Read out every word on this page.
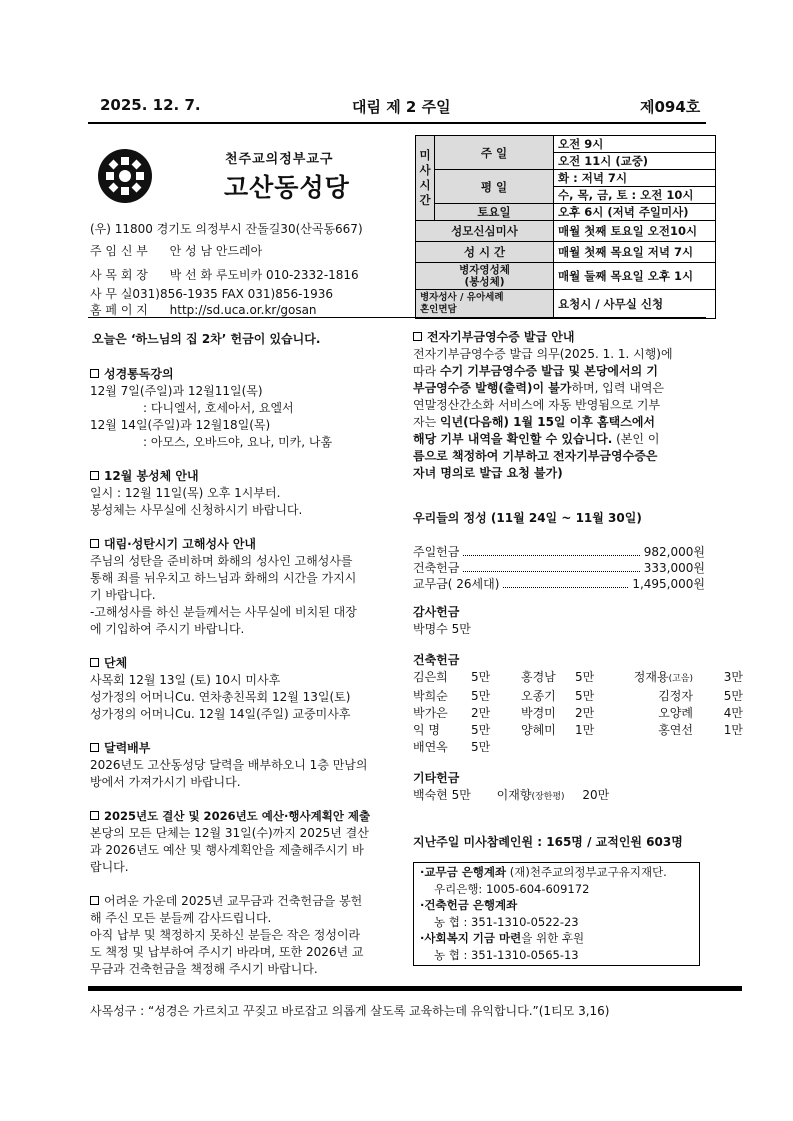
2025. 12. 7.	대림 제 2 주일	제094호
천주교의정부교구
고산동성당
(우) 11800 경기도 의정부시 잔돌길30(산곡동667)
주 임 신 부 안 성 남 안드레아
사 목 회 장 박 선 화 루도비카 010-2332-1816
사 무 실031)856-1935 FAX 031)856-1936
홈 페 이 지 http://sd.uca.or.kr/gosan
미
사
시
간	주 일	오전 9시
		오전 11시 (교중)
	평 일	화 : 저녁 7시
		수, 목, 금, 토 : 오전 10시
	토요일	오후 6시 (저녁 주일미사)
성모신심미사		매월 첫째 토요일 오전10시
성 시 간		매월 첫째 목요일 저녁 7시
병자영성체
(봉성체)		매월 둘째 목요일 오후 1시
병자성사 / 유아세례
혼인면담		요청시 / 사무실 신청

오늘은 ‘하느님의 집 2차’ 헌금이 있습니다.

성경통독강의

12월 7일(주일)과 12월11일(목)

: 다니엘서, 호세아서, 요엘서

12월 14일(주일)과 12월18일(목)

: 아모스, 오바드야, 요나, 미카, 나훔

12월 봉성체 안내

일시 : 12월 11일(목) 오후 1시부터.

봉성체는 사무실에 신청하시기 바랍니다.

대림·성탄시기 고해성사 안내

주님의 성탄을 준비하며 화해의 성사인 고해성사를

통해 죄를 뉘우치고 하느님과 화해의 시간을 가지시

기 바랍니다.

-고해성사를 하신 분들께서는 사무실에 비치된 대장

에 기입하여 주시기 바랍니다.

단체

사목회 12월 13일 (토) 10시 미사후

성가정의 어머니Cu. 연차총친목회 12월 13일(토)

성가정의 어머니Cu. 12월 14일(주일) 교중미사후

달력배부

2026년도 고산동성당 달력을 배부하오니 1층 만남의

방에서 가져가시기 바랍니다.

2025년도 결산 및 2026년도 예산·행사계획안 제출

본당의 모든 단체는 12월 31일(수)까지 2025년 결산

과 2026년도 예산 및 행사계획안을 제출해주시기 바

랍니다.

어려운 가운데 2025년 교무금과 건축헌금을 봉헌

해 주신 모든 분들께 감사드립니다.

아직 납부 및 책정하지 못하신 분들은 작은 정성이라

도 책정 및 납부하여 주시기 바라며, 또한 2026년 교

무금과 건축헌금을 책정해 주시기 바랍니다.

전자기부금영수증 발급 안내

전자기부금영수증 발급 의무(2025. 1. 1. 시행)에

따라 수기 기부금영수증 발급 및 본당에서의 기

부금영수증 발행(출력)이 불가하며, 입력 내역은

연말정산간소화 서비스에 자동 반영됨으로 기부

자는 익년(다음해) 1월 15일 이후 홈택스에서

해당 기부 내역을 확인할 수 있습니다. (본인 이

름으로 책정하여 기부하고 전자기부금영수증은

자녀 명의로 발급 요청 불가)

우리들의 정성 (11월 24일 ~ 11월 30일)

주일헌금	982,000원
건축헌금	333,000원
교무금( 26세대)	1,495,000원

감사헌금

박명수 5만

건축헌금

김은희	5만	홍경남	5만	정재용(고음)	3만
박희순	5만	오종기	5만	김정자	5만
박가은	2만	박경미	2만	오양례	4만
익 명	5만	양혜미	1만	홍연선	1만
배연옥	5만

기타헌금

백숙현 5만 이재향(장한평) 20만

지난주일 미사참례인원 : 165명 / 교적인원 603명

·교무금 은행계좌 (재)천주교의정부교구유지재단.
우리은행: 1005-604-609172
·건축헌금 은행계좌
농 협 : 351-1310-0522-23
·사회복지 기금 마련을 위한 후원
농 협 : 351-1310-0565-13
사목성구 : “성경은 가르치고 꾸짖고 바로잡고 의롭게 살도록 교육하는데 유익합니다.”(1티모 3,16)
